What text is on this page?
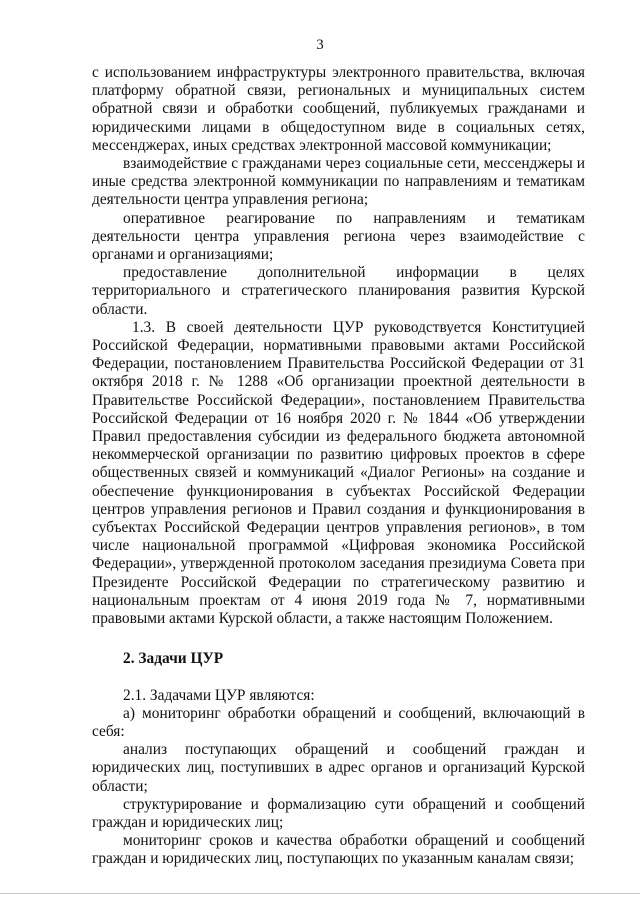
3

с использованием инфраструктуры электронного правительства, включая платформу обратной связи, региональных и муниципальных систем обратной связи и обработки сообщений, публикуемых гражданами и юридическими лицами в общедоступном виде в социальных сетях, мессенджерах, иных средствах электронной массовой коммуникации;

взаимодействие с гражданами через социальные сети, мессенджеры и иные средства электронной коммуникации по направлениям и тематикам деятельности центра управления региона;

оперативное реагирование по направлениям и тематикам деятельности центра управления региона через взаимодействие с органами и организациями;

предоставление дополнительной информации в целях территориального и стратегического планирования развития Курской области.

1.3. В своей деятельности ЦУР руководствуется Конституцией Российской Федерации, нормативными правовыми актами Российской Федерации, постановлением Правительства Российской Федерации от 31 октября 2018 г. № 1288 «Об организации проектной деятельности в Правительстве Российской Федерации», постановлением Правительства Российской Федерации от 16 ноября 2020 г. № 1844 «Об утверждении Правил предоставления субсидии из федерального бюджета автономной некоммерческой организации по развитию цифровых проектов в сфере общественных связей и коммуникаций «Диалог Регионы» на создание и обеспечение функционирования в субъектах Российской Федерации центров управления регионов и Правил создания и функционирования в субъектах Российской Федерации центров управления регионов», в том числе национальной программой «Цифровая экономика Российской Федерации», утвержденной протоколом заседания президиума Совета при Президенте Российской Федерации по стратегическому развитию и национальным проектам от 4 июня 2019 года № 7, нормативными правовыми актами Курской области, а также настоящим Положением.

2. Задачи ЦУР

2.1. Задачами ЦУР являются:

а) мониторинг обработки обращений и сообщений, включающий в себя:

анализ поступающих обращений и сообщений граждан и юридических лиц, поступивших в адрес органов и организаций Курской области;

структурирование и формализацию сути обращений и сообщений граждан и юридических лиц;

мониторинг сроков и качества обработки обращений и сообщений граждан и юридических лиц, поступающих по указанным каналам связи;
